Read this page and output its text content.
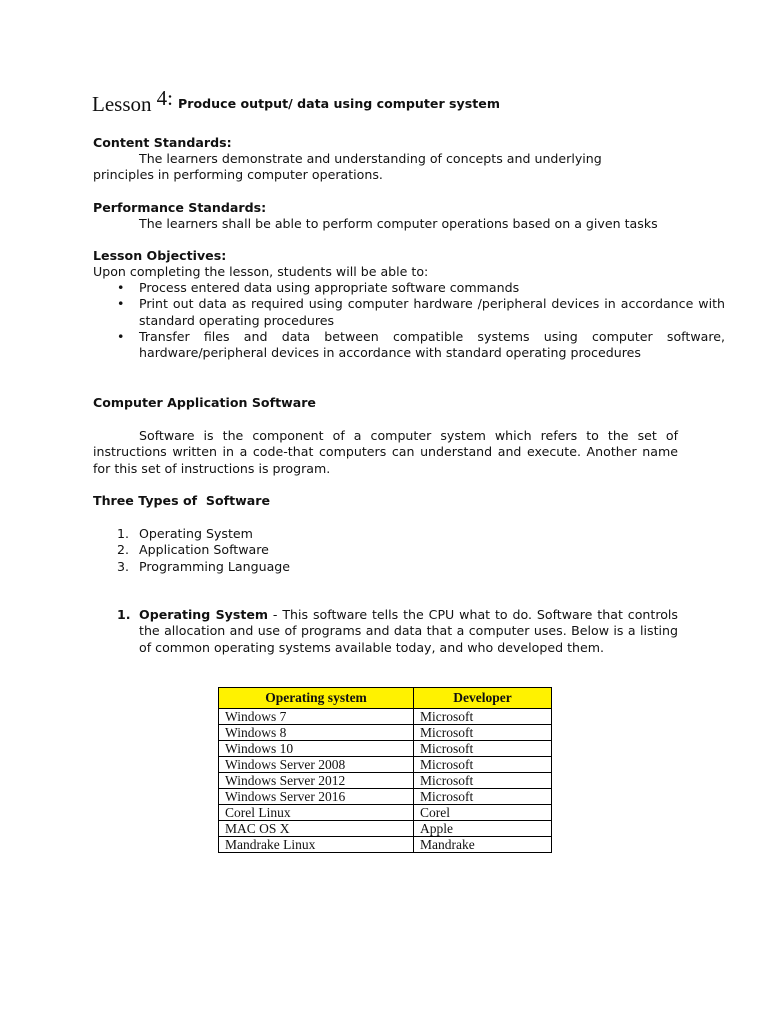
Lesson 4: Produce output/ data using computer system
Content Standards:
The learners demonstrate and understanding of concepts and underlying
principles in performing computer operations.
Performance Standards:
The learners shall be able to perform computer operations based on a given tasks
Lesson Objectives:
Upon completing the lesson, students will be able to:
• Process entered data using appropriate software commands
• Print out data as required using computer hardware /peripheral devices in accordance with standard operating procedures
• Transfer files and data between compatible systems using computer software, hardware/peripheral devices in accordance with standard operating procedures
Computer Application Software
Software is the component of a computer system which refers to the set of instructions written in a code-that computers can understand and execute. Another name for this set of instructions is program.
Three Types of  Software
1. Operating System
2. Application Software
3. Programming Language
1. Operating System - This software tells the CPU what to do. Software that controls the allocation and use of programs and data that a computer uses. Below is a listing of common operating systems available today, and who developed them.
Operating system	Developer
Windows 7	Microsoft
Windows 8	Microsoft
Windows 10	Microsoft
Windows Server 2008	Microsoft
Windows Server 2012	Microsoft
Windows Server 2016	Microsoft
Corel Linux	Corel
MAC OS X	Apple
Mandrake Linux	Mandrake
